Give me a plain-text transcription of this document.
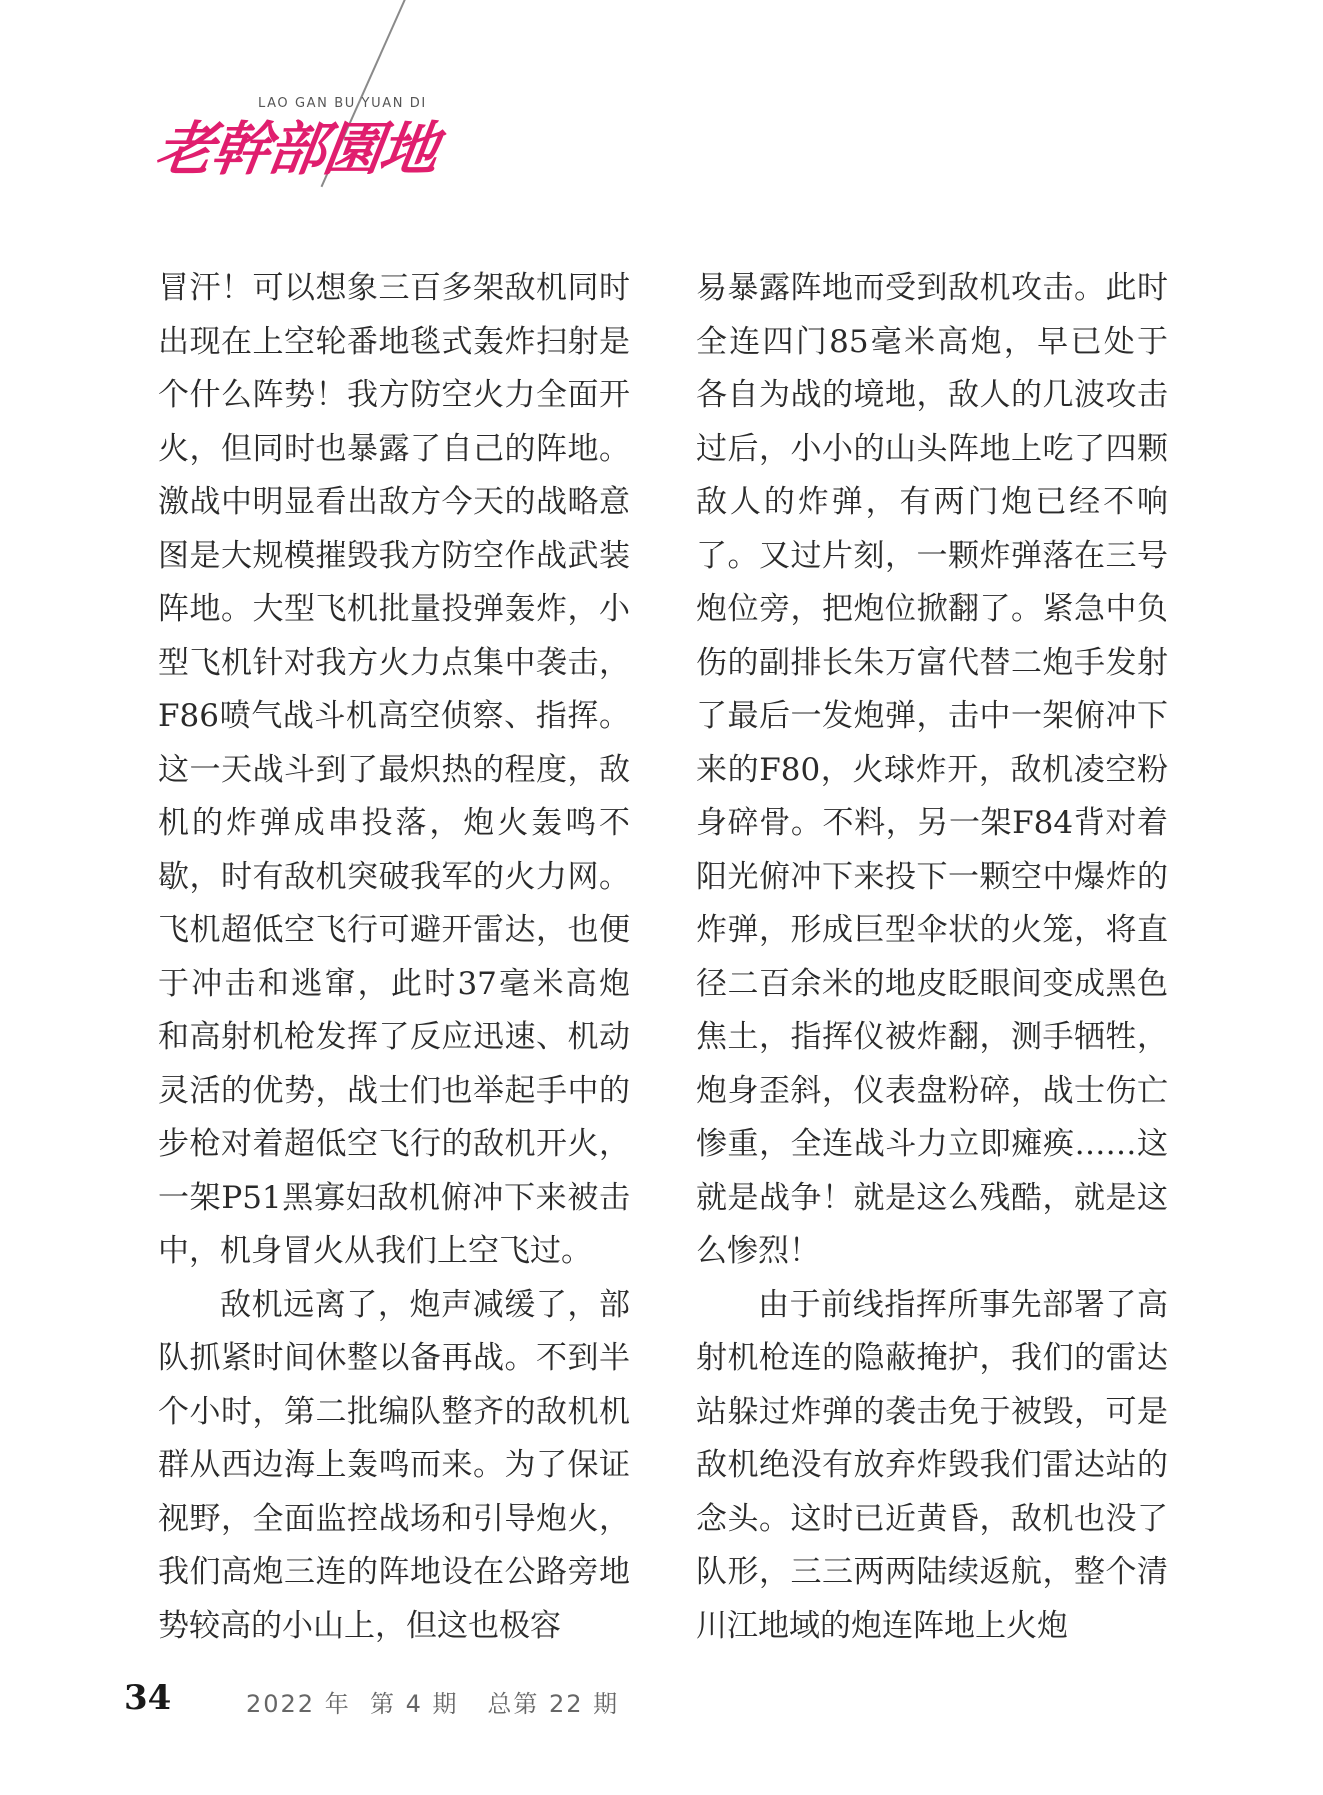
LAO GAN BU YUAN DI
老幹部園地

冒汗！可以想象三百多架敌机同时出现在上空轮番地毯式轰炸扫射是个什么阵势！我方防空火力全面开火，但同时也暴露了自己的阵地。激战中明显看出敌方今天的战略意图是大规模摧毁我方防空作战武装阵地。大型飞机批量投弹轰炸，小型飞机针对我方火力点集中袭击，F86喷气战斗机高空侦察、指挥。这一天战斗到了最炽热的程度，敌机的炸弹成串投落，炮火轰鸣不歇，时有敌机突破我军的火力网。飞机超低空飞行可避开雷达，也便于冲击和逃窜，此时37毫米高炮和高射机枪发挥了反应迅速、机动灵活的优势，战士们也举起手中的步枪对着超低空飞行的敌机开火，一架P51黑寡妇敌机俯冲下来被击中，机身冒火从我们上空飞过。

敌机远离了，炮声减缓了，部队抓紧时间休整以备再战。不到半个小时，第二批编队整齐的敌机机群从西边海上轰鸣而来。为了保证视野，全面监控战场和引导炮火，我们高炮三连的阵地设在公路旁地势较高的小山上，但这也极容

易暴露阵地而受到敌机攻击。此时全连四门85毫米高炮，早已处于各自为战的境地，敌人的几波攻击过后，小小的山头阵地上吃了四颗敌人的炸弹，有两门炮已经不响了。又过片刻，一颗炸弹落在三号炮位旁，把炮位掀翻了。紧急中负伤的副排长朱万富代替二炮手发射了最后一发炮弹，击中一架俯冲下来的F80，火球炸开，敌机凌空粉身碎骨。不料，另一架F84背对着阳光俯冲下来投下一颗空中爆炸的炸弹，形成巨型伞状的火笼，将直径二百余米的地皮眨眼间变成黑色焦土，指挥仪被炸翻，测手牺牲，炮身歪斜，仪表盘粉碎，战士伤亡惨重，全连战斗力立即瘫痪……这就是战争！就是这么残酷，就是这么惨烈！

由于前线指挥所事先部署了高射机枪连的隐蔽掩护，我们的雷达站躲过炸弹的袭击免于被毁，可是敌机绝没有放弃炸毁我们雷达站的念头。这时已近黄昏，敌机也没了队形，三三两两陆续返航，整个清川江地域的炮连阵地上火炮

34	2022 年  第 4 期   总第 22 期
